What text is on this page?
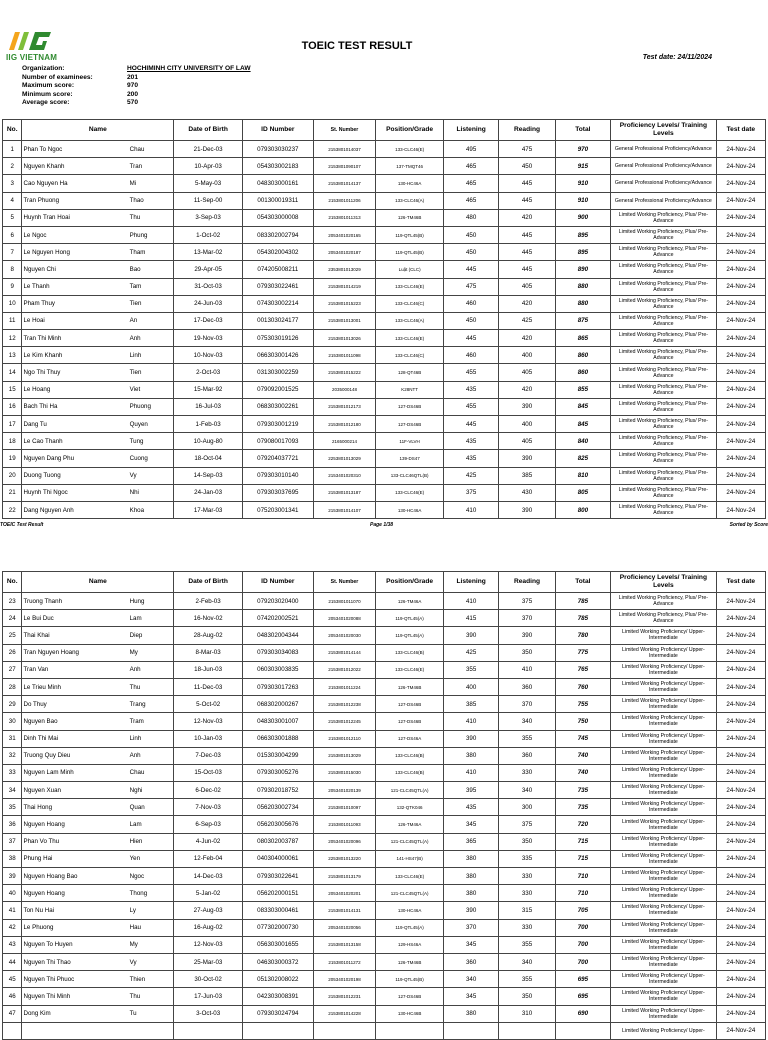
IIG VIETNAM
TOEIC TEST RESULT
Test date: 24/11/2024
Organization:	HOCHIMINH CITY UNIVERSITY OF LAW
Number of examinees:	201
Maximum score:	970
Minimum score:	200
Average score:	570
No.	Name		Date of Birth	ID Number	St. Number	Position/Grade	Listening	Reading	Total	Proficiency Levels/ Training Levels	Test date
1	Phan To Ngoc	Chau	21-Dec-03	079303030237	2153801014037	133-CLC46(E)	495	475	970	General Professional Proficiency/Advance	24-Nov-24
2	Nguyen Khanh	Tran	10-Apr-03	054303002183	2153801090107	137-TMQT46	465	450	915	General Professional Proficiency/Advance	24-Nov-24
3	Cao Nguyen Ha	Mi	5-May-03	048303000161	2153801014137	130-HC46A	465	445	910	General Professional Proficiency/Advance	24-Nov-24
4	Tran Phuong	Thao	11-Sep-00	001300019311	2153801011206	133-CLC46(A)	465	445	910	General Professional Proficiency/Advance	24-Nov-24
5	Huynh Tran Hoai	Thu	3-Sep-03	054303000008	2153801011313	126-TM46B	480	420	900	Limited Working Proficiency, Plus/ Pre-Advance	24-Nov-24
6	Le Ngoc	Phung	1-Oct-02	083302002794	2053401020165	119-QTL45(B)	450	445	895	Limited Working Proficiency, Plus/ Pre-Advance	24-Nov-24
7	Le Nguyen Hong	Tham	13-Mar-02	054302004302	2053401020187	119-QTL45(B)	450	445	895	Limited Working Proficiency, Plus/ Pre-Advance	24-Nov-24
8	Nguyen Chi	Bao	29-Apr-05	074205008211	2353801013029	Luật (CLC)	445	445	890	Limited Working Proficiency, Plus/ Pre-Advance	24-Nov-24
9	Le Thanh	Tam	31-Oct-03	079303022461	2153801014219	133-CLC46(E)	475	405	880	Limited Working Proficiency, Plus/ Pre-Advance	24-Nov-24
10	Pham Thuy	Tien	24-Jun-03	074303002214	2153801015223	133-CLC46(C)	460	420	880	Limited Working Proficiency, Plus/ Pre-Advance	24-Nov-24
11	Le Hoai	An	17-Dec-03	001303024177	2153801013001	133-CLC46(A)	450	425	875	Limited Working Proficiency, Plus/ Pre-Advance	24-Nov-24
12	Tran Thi Minh	Anh	19-Nov-03	075303019126	2153801013026	133-CLC46(E)	445	420	865	Limited Working Proficiency, Plus/ Pre-Advance	24-Nov-24
13	Le Kim Khanh	Linh	10-Nov-03	066303001426	2153801011098	133-CLC46(C)	460	400	860	Limited Working Proficiency, Plus/ Pre-Advance	24-Nov-24
14	Ngo Thi Thuy	Tien	2-Oct-03	031303002259	2153801015222	128-QT46B	455	405	860	Limited Working Proficiency, Plus/ Pre-Advance	24-Nov-24
15	Le Hoang	Viet	15-Mar-92	079092001525	2035000148	K28NTT	435	420	855	Limited Working Proficiency, Plus/ Pre-Advance	24-Nov-24
16	Bach Thi Ha	Phuong	16-Jul-03	068303002261	2153801012173	127-DS46B	455	390	845	Limited Working Proficiency, Plus/ Pre-Advance	24-Nov-24
17	Dang Tu	Quyen	1-Feb-03	079303001219	2153801012180	127-DS46B	445	400	845	Limited Working Proficiency, Plus/ Pre-Advance	24-Nov-24
18	Le Cao Thanh	Tung	10-Aug-80	079080017093	2165000214	11F-VLVH	435	405	840	Limited Working Proficiency, Plus/ Pre-Advance	24-Nov-24
19	Nguyen Dang Phu	Cuong	18-Oct-04	079204037721	2253801013029	139-DS47	435	390	825	Limited Working Proficiency, Plus/ Pre-Advance	24-Nov-24
20	Duong Tuong	Vy	14-Sep-03	079303010140	2153401020310	133-CLC46QTL(B)	425	385	810	Limited Working Proficiency, Plus/ Pre-Advance	24-Nov-24
21	Huynh Thi Ngoc	Nhi	24-Jan-03	079303037695	2153801013187	133-CLC46(E)	375	430	805	Limited Working Proficiency, Plus/ Pre-Advance	24-Nov-24
22	Dang Nguyen Anh	Khoa	17-Mar-03	075203001341	2153801014107	130-HC46A	410	390	800	Limited Working Proficiency, Plus/ Pre-Advance	24-Nov-24
TOEIC Test Result	Page 1/38	Sorted by Score
No.	Name		Date of Birth	ID Number	St. Number	Position/Grade	Listening	Reading	Total	Proficiency Levels/ Training Levels	Test date
23	Truong Thanh	Hung	2-Feb-03	079203020400	2153801011070	126-TM46A	410	375	785	Limited Working Proficiency, Plus/ Pre-Advance	24-Nov-24
24	Le Bui Duc	Lam	16-Nov-02	074202002521	2053401020088	119-QTL45(A)	415	370	785	Limited Working Proficiency, Plus/ Pre-Advance	24-Nov-24
25	Thai Khai	Diep	28-Aug-02	048302004344	2053401020030	119-QTL45(A)	390	390	780	Limited Working Proficiency/ Upper-Intermediate	24-Nov-24
26	Tran Nguyen Hoang	My	8-Mar-03	079303034083	2153801014144	133-CLC46(B)	425	350	775	Limited Working Proficiency/ Upper-Intermediate	24-Nov-24
27	Tran Van	Anh	18-Jun-03	060303003835	2153801012022	133-CLC46(E)	355	410	765	Limited Working Proficiency/ Upper-Intermediate	24-Nov-24
28	Le Trieu Minh	Thu	11-Dec-03	079303017263	2153801011224	126-TM46B	400	360	760	Limited Working Proficiency/ Upper-Intermediate	24-Nov-24
29	Do Thuy	Trang	5-Oct-02	068302000267	2153801012238	127-DS46B	385	370	755	Limited Working Proficiency/ Upper-Intermediate	24-Nov-24
30	Nguyen Bao	Tram	12-Nov-03	048303001007	2153801012245	127-DS46B	410	340	750	Limited Working Proficiency/ Upper-Intermediate	24-Nov-24
31	Dinh Thi Mai	Linh	10-Jan-03	066303001888	2153801012110	127-DS46A	390	355	745	Limited Working Proficiency/ Upper-Intermediate	24-Nov-24
32	Truong Quy Dieu	Anh	7-Dec-03	015303004299	2153801013029	133-CLC46(B)	380	360	740	Limited Working Proficiency/ Upper-Intermediate	24-Nov-24
33	Nguyen Lam Minh	Chau	15-Oct-03	079303005276	2153801015030	133-CLC46(B)	410	330	740	Limited Working Proficiency/ Upper-Intermediate	24-Nov-24
34	Nguyen Xuan	Nghi	6-Dec-02	079302018752	2053401020139	121-CLC45QTL(A)	395	340	735	Limited Working Proficiency/ Upper-Intermediate	24-Nov-24
35	Thai Hong	Quan	7-Nov-03	056203002734	2153801010097	132-QTK046	435	300	735	Limited Working Proficiency/ Upper-Intermediate	24-Nov-24
36	Nguyen Hoang	Lam	6-Sep-03	056203005676	2153801011093	126-TM46A	345	375	720	Limited Working Proficiency/ Upper-Intermediate	24-Nov-24
37	Phan Vo Thu	Hien	4-Jun-02	080302003787	2053401020096	121-CLC45QTL(A)	365	350	715	Limited Working Proficiency/ Upper-Intermediate	24-Nov-24
38	Phung Hai	Yen	12-Feb-04	040304000061	2253801013220	141-HS47(B)	380	335	715	Limited Working Proficiency/ Upper-Intermediate	24-Nov-24
39	Nguyen Hoang Bao	Ngoc	14-Dec-03	079303022641	2153801013179	133-CLC46(E)	380	330	710	Limited Working Proficiency/ Upper-Intermediate	24-Nov-24
40	Nguyen Hoang	Thong	5-Jan-02	056202000151	2053401020201	121-CLC45QTL(A)	380	330	710	Limited Working Proficiency/ Upper-Intermediate	24-Nov-24
41	Ton Nu Hai	Ly	27-Aug-03	083303000461	2153801014131	130-HC46A	390	315	705	Limited Working Proficiency/ Upper-Intermediate	24-Nov-24
42	Le Phuong	Hau	16-Aug-02	077302000730	2053401020056	119-QTL45(A)	370	330	700	Limited Working Proficiency/ Upper-Intermediate	24-Nov-24
43	Nguyen To Huyen	My	12-Nov-03	056303001655	2153801013158	129-HS46A	345	355	700	Limited Working Proficiency/ Upper-Intermediate	24-Nov-24
44	Nguyen Thi Thao	Vy	25-Mar-03	046303000372	2153801011272	126-TM46B	360	340	700	Limited Working Proficiency/ Upper-Intermediate	24-Nov-24
45	Nguyen Thi Phuoc	Thien	30-Oct-02	051302008022	2053401020198	119-QTL45(B)	340	355	695	Limited Working Proficiency/ Upper-Intermediate	24-Nov-24
46	Nguyen Thi Minh	Thu	17-Jun-03	042303008391	2153801012231	127-DS46B	345	350	695	Limited Working Proficiency/ Upper-Intermediate	24-Nov-24
47	Dong Kim	Tu	3-Oct-03	079303024794	2153801014228	130-HC46B	380	310	690	Limited Working Proficiency/ Upper-Intermediate	24-Nov-24
										Limited Working Proficiency/ Upper-	24-Nov-24
